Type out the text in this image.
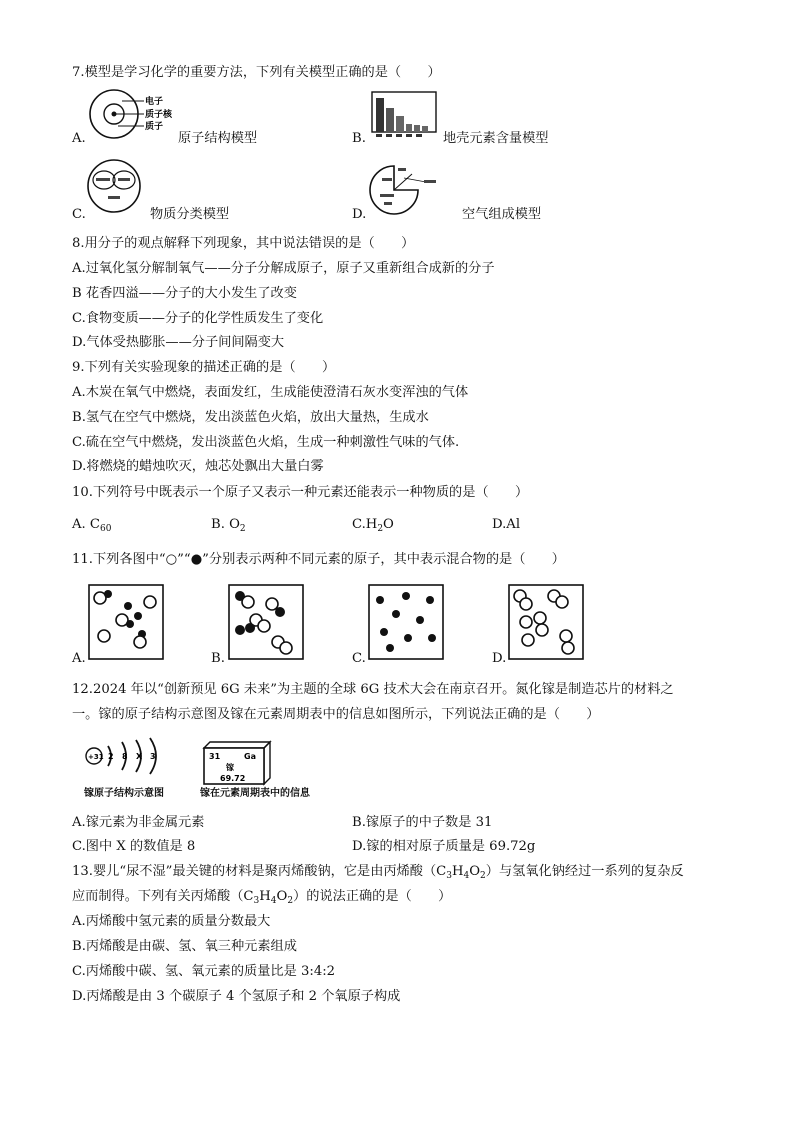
7.模型是学习化学的重要方法，下列有关模型正确的是（　　）
电子
质子核
质子
A.	原子结构模型	B.	地壳元素含量模型
C.	物质分类模型	D.	空气组成模型
8.用分子的观点解释下列现象，其中说法错误的是（　　）
A.过氧化氢分解制氧气——分子分解成原子，原子又重新组合成新的分子
B 花香四溢——分子的大小发生了改变
C.食物变质——分子的化学性质发生了变化
D.气体受热膨胀——分子间间隔变大
9.下列有关实验现象的描述正确的是（　　）
A.木炭在氧气中燃烧，表面发红，生成能使澄清石灰水变浑浊的气体
B.氢气在空气中燃烧，发出淡蓝色火焰，放出大量热，生成水
C.硫在空气中燃烧，发出淡蓝色火焰，生成一种刺激性气味的气体.
D.将燃烧的蜡烛吹灭，烛芯处飘出大量白雾
10.下列符号中既表示一个原子又表示一种元素还能表示一种物质的是（　　）
A. $C_{60}$	B. $O_2$	$C.H_2O$	D.Al
11.下列各图中“○”“●”分别表示两种不同元素的原子，其中表示混合物的是（　　）
A.	B.	C.	D.
12.2024 年以“创新预见 6G 未来”为主题的全球 6G 技术大会在南京召开。氮化镓是制造芯片的材料之
一。镓的原子结构示意图及镓在元素周期表中的信息如图所示，下列说法正确的是（　　）
+31 2 8 X 3
镓原子结构示意图
31	Ga
镓
69.72
镓在元素周期表中的信息
A.镓元素为非金属元素	B.镓原子的中子数是 31
C.图中 X 的数值是 8	D.镓的相对原子质量是 69.72g
13.婴儿“尿不湿”最关键的材料是聚丙烯酸钠，它是由丙烯酸$(C_3H_4O_2)$与氢氧化钠经过一系列的复杂反
应而制得。下列有关丙烯酸$(C_3H_4O_2)$的说法正确的是（　　）
A.丙烯酸中氢元素的质量分数最大
B.丙烯酸是由碳、氢、氧三种元素组成
C.丙烯酸中碳、氢、氧元素的质量比是 3:4:2
D.丙烯酸是由 3 个碳原子 4 个氢原子和 2 个氧原子构成
